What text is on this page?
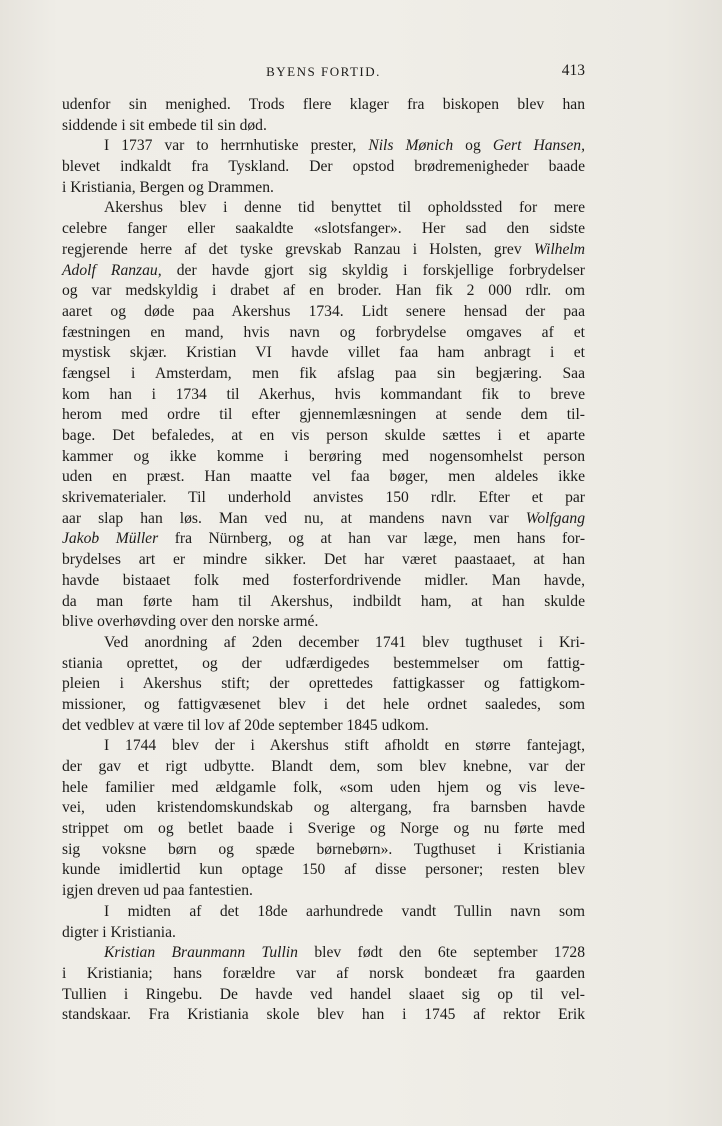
BYENS FORTID.	413
udenfor sin menighed. Trods flere klager fra biskopen blev han
siddende i sit embede til sin død.
I 1737 var to herrnhutiske prester, Nils Mønich og Gert Hansen,
blevet indkaldt fra Tyskland. Der opstod brødremenigheder baade
i Kristiania, Bergen og Drammen.
Akershus blev i denne tid benyttet til opholdssted for mere
celebre fanger eller saakaldte «slotsfanger». Her sad den sidste
regjerende herre af det tyske grevskab Ranzau i Holsten, grev Wilhelm
Adolf Ranzau, der havde gjort sig skyldig i forskjellige forbrydelser
og var medskyldig i drabet af en broder. Han fik 2 000 rdlr. om
aaret og døde paa Akershus 1734. Lidt senere hensad der paa
fæstningen en mand, hvis navn og forbrydelse omgaves af et
mystisk skjær. Kristian VI havde villet faa ham anbragt i et
fængsel i Amsterdam, men fik afslag paa sin begjæring. Saa
kom han i 1734 til Akerhus, hvis kommandant fik to breve
herom med ordre til efter gjennemlæsningen at sende dem til-
bage. Det befaledes, at en vis person skulde sættes i et aparte
kammer og ikke komme i berøring med nogensomhelst person
uden en præst. Han maatte vel faa bøger, men aldeles ikke
skrivematerialer. Til underhold anvistes 150 rdlr. Efter et par
aar slap han løs. Man ved nu, at mandens navn var Wolfgang
Jakob Müller fra Nürnberg, og at han var læge, men hans for-
brydelses art er mindre sikker. Det har været paastaaet, at han
havde bistaaet folk med fosterfordrivende midler. Man havde,
da man førte ham til Akershus, indbildt ham, at han skulde
blive overhøvding over den norske armé.
Ved anordning af 2den december 1741 blev tugthuset i Kri-
stiania oprettet, og der udfærdigedes bestemmelser om fattig-
pleien i Akershus stift; der oprettedes fattigkasser og fattigkom-
missioner, og fattigvæsenet blev i det hele ordnet saaledes, som
det vedblev at være til lov af 20de september 1845 udkom.
I 1744 blev der i Akershus stift afholdt en større fantejagt,
der gav et rigt udbytte. Blandt dem, som blev knebne, var der
hele familier med ældgamle folk, «som uden hjem og vis leve-
vei, uden kristendomskundskab og altergang, fra barnsben havde
strippet om og betlet baade i Sverige og Norge og nu førte med
sig voksne børn og spæde børnebørn». Tugthuset i Kristiania
kunde imidlertid kun optage 150 af disse personer; resten blev
igjen dreven ud paa fantestien.
I midten af det 18de aarhundrede vandt Tullin navn som
digter i Kristiania.
Kristian Braunmann Tullin blev født den 6te september 1728
i Kristiania; hans forældre var af norsk bondeæt fra gaarden
Tullien i Ringebu. De havde ved handel slaaet sig op til vel-
standskaar. Fra Kristiania skole blev han i 1745 af rektor Erik
